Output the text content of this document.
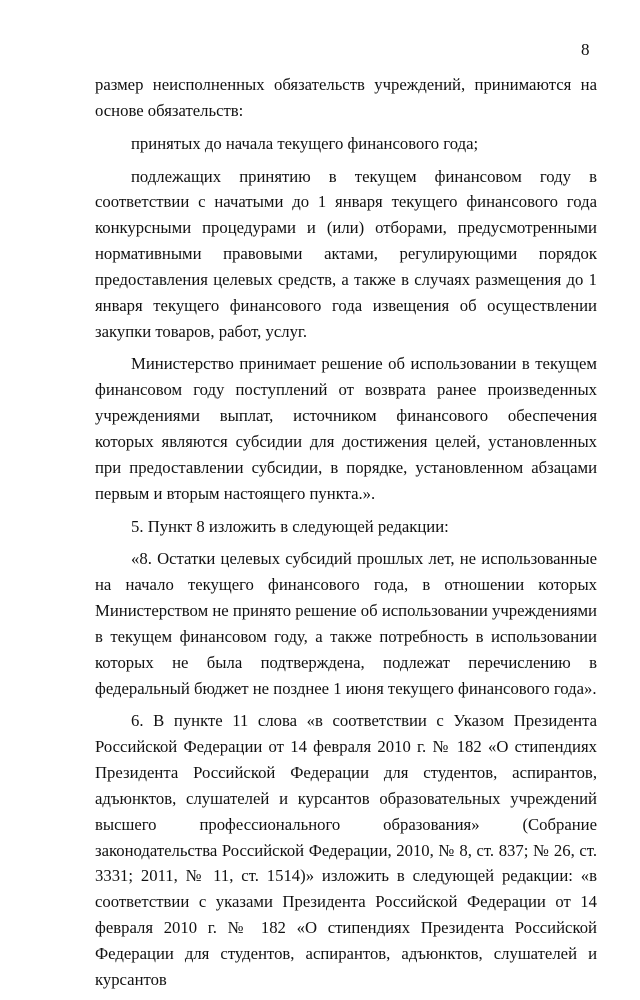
8

размер неисполненных обязательств учреждений, принимаются на основе обязательств:

принятых до начала текущего финансового года;

подлежащих принятию в текущем финансовом году в соответствии с начатыми до 1 января текущего финансового года конкурсными процедурами и (или) отборами, предусмотренными нормативными правовыми актами, регулирующими порядок предоставления целевых средств, а также в случаях размещения до 1 января текущего финансового года извещения об осуществлении закупки товаров, работ, услуг.

Министерство принимает решение об использовании в текущем финансовом году поступлений от возврата ранее произведенных учреждениями выплат, источником финансового обеспечения которых являются субсидии для достижения целей, установленных при предоставлении субсидии, в порядке, установленном абзацами первым и вторым настоящего пункта.».

5. Пункт 8 изложить в следующей редакции:

«8. Остатки целевых субсидий прошлых лет, не использованные на начало текущего финансового года, в отношении которых Министерством не принято решение об использовании учреждениями в текущем финансовом году, а также потребность в использовании которых не была подтверждена, подлежат перечислению в федеральный бюджет не позднее 1 июня текущего финансового года».

6. В пункте 11 слова «в соответствии с Указом Президента Российской Федерации от 14 февраля 2010 г. № 182 «О стипендиях Президента Российской Федерации для студентов, аспирантов, адъюнктов, слушателей и курсантов образовательных учреждений высшего профессионального образования» (Собрание законодательства Российской Федерации, 2010, № 8, ст. 837; № 26, ст. 3331; 2011, № 11, ст. 1514)» изложить в следующей редакции: «в соответствии с указами Президента Российской Федерации от 14 февраля 2010 г. № 182 «О стипендиях Президента Российской Федерации для студентов, аспирантов, адъюнктов, слушателей и курсантов
